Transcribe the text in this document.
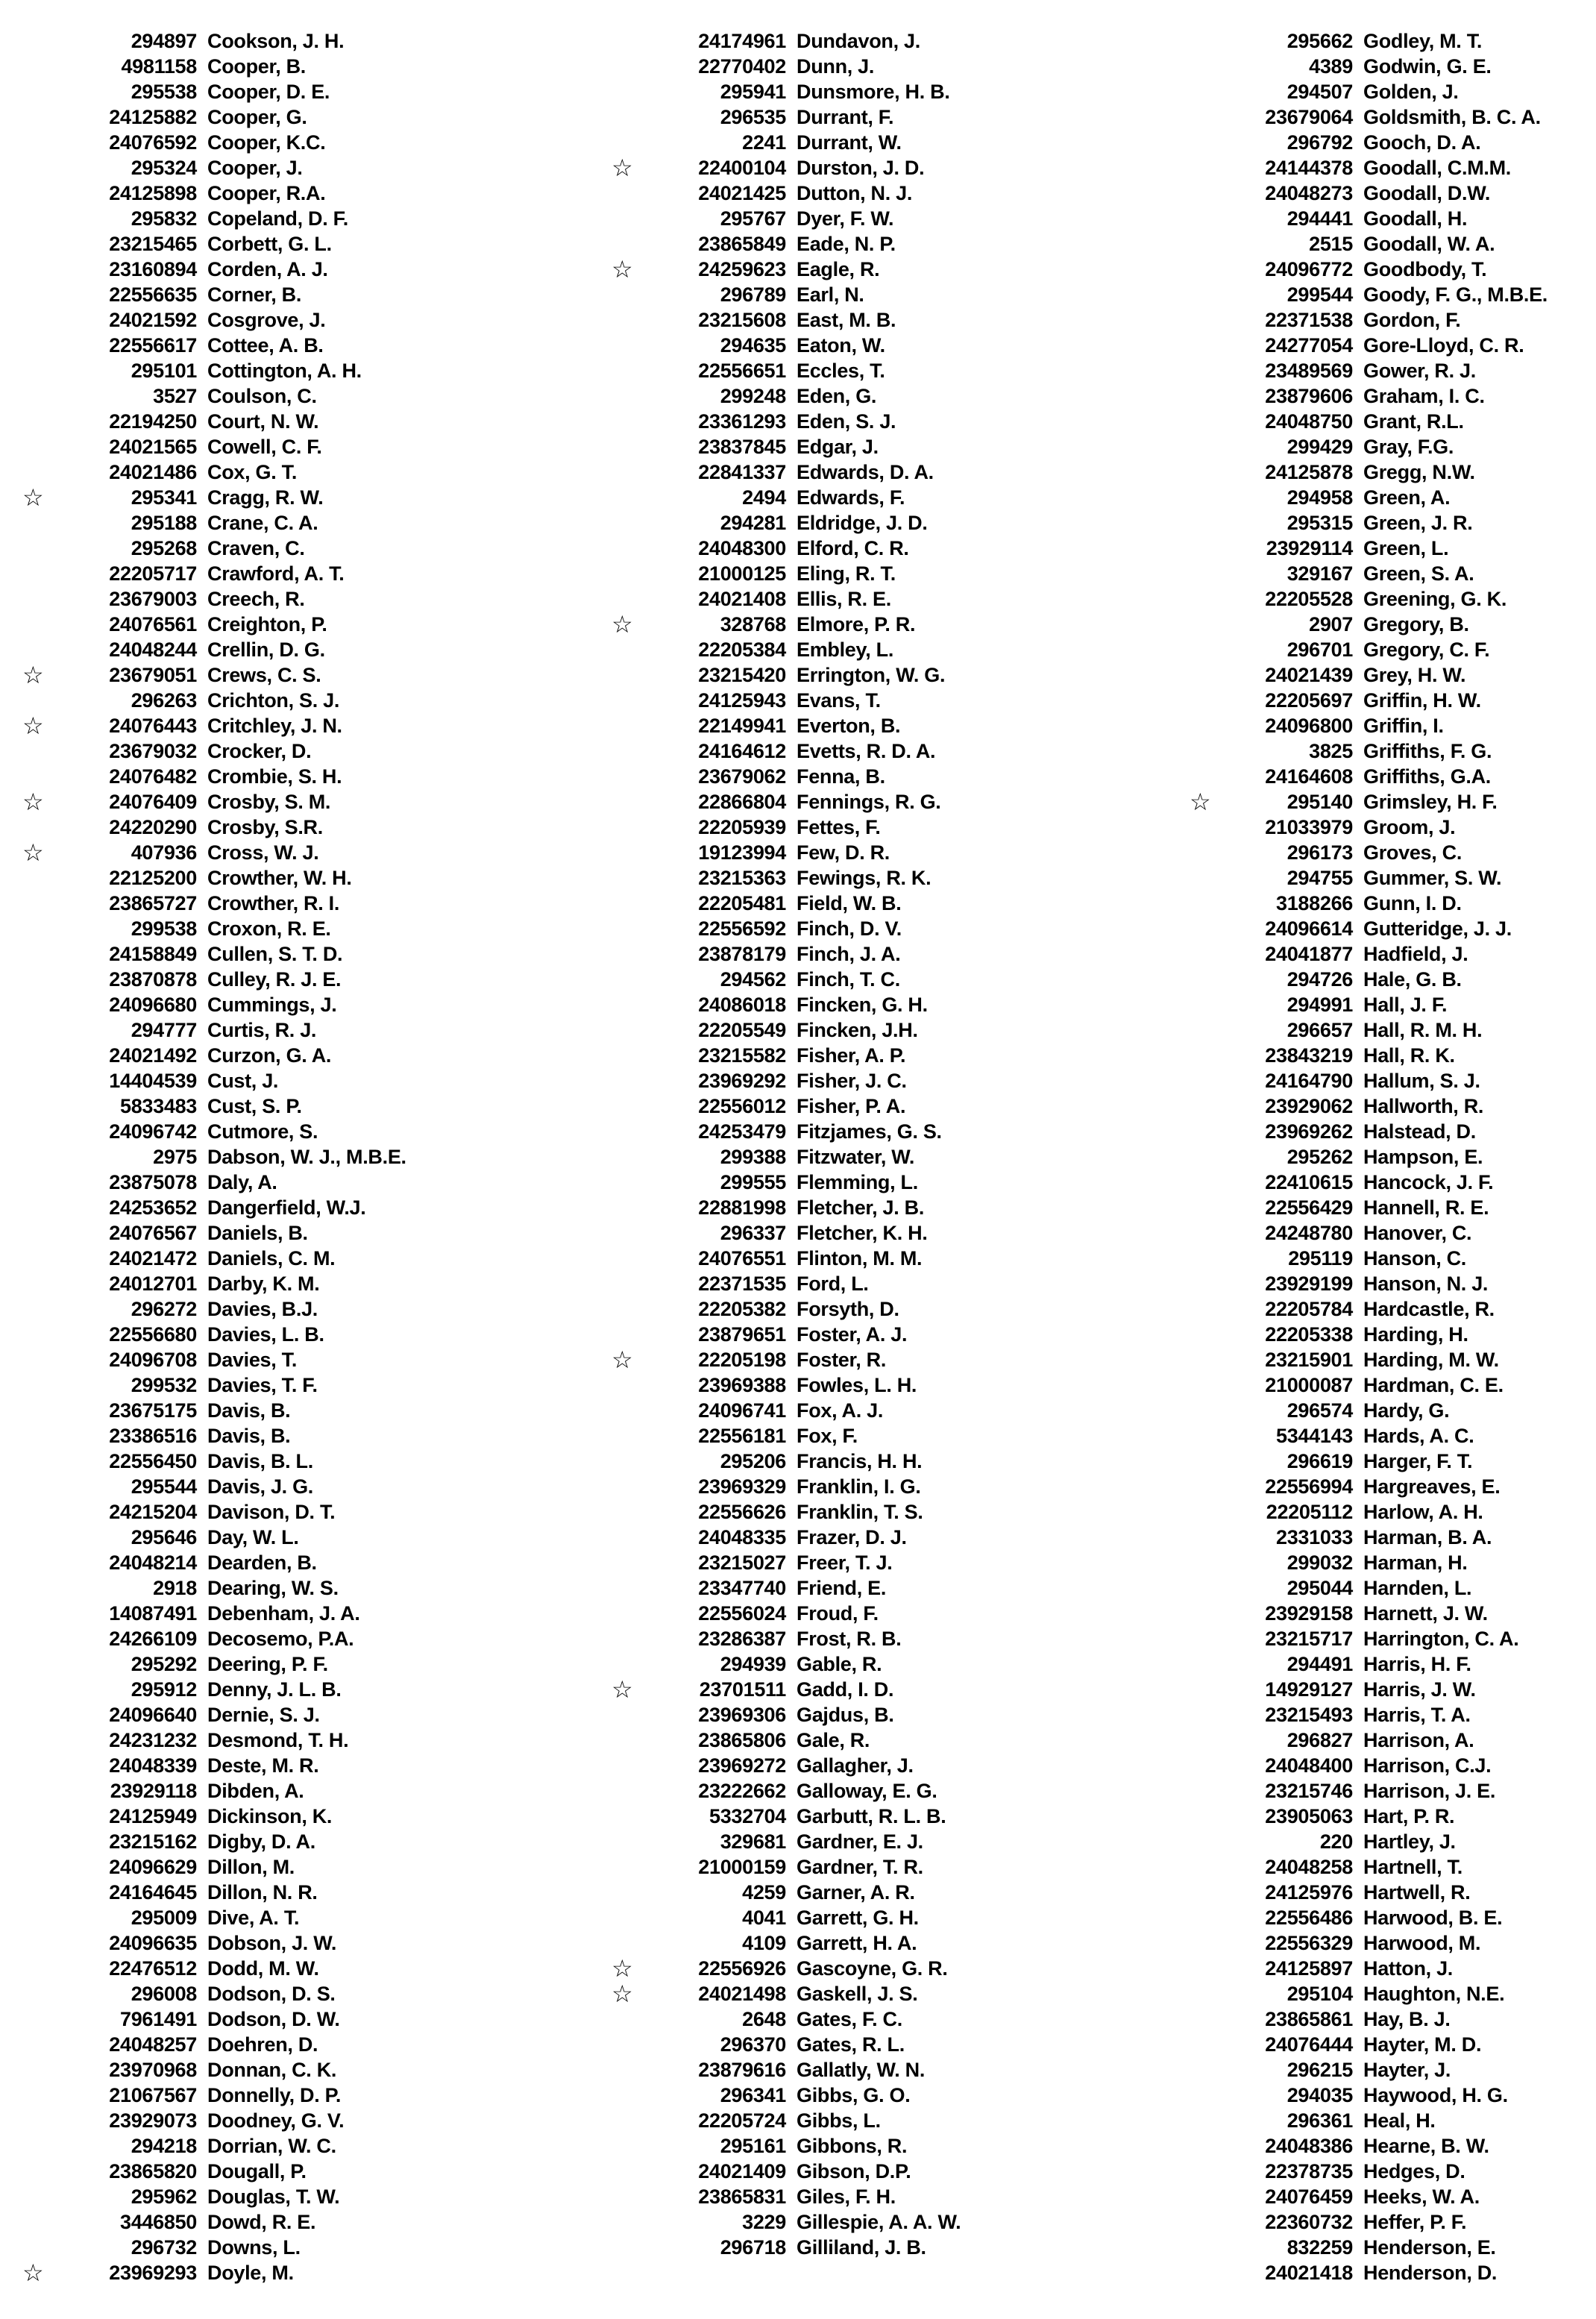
294897 Cookson, J. H.
4981158 Cooper, B.
295538 Cooper, D. E.
24125882 Cooper, G.
24076592 Cooper, K.C.
295324 Cooper, J.
24125898 Cooper, R.A.
295832 Copeland, D. F.
23215465 Corbett, G. L.
23160894 Corden, A. J.
22556635 Corner, B.
24021592 Cosgrove, J.
22556617 Cottee, A. B.
295101 Cottington, A. H.
3527 Coulson, C.
22194250 Court, N. W.
24021565 Cowell, C. F.
24021486 Cox, G. T.
☆	295341 Cragg, R. W.
295188 Crane, C. A.
295268 Craven, C.
22205717 Crawford, A. T.
23679003 Creech, R.
24076561 Creighton, P.
24048244 Crellin, D. G.
☆	23679051 Crews, C. S.
296263 Crichton, S. J.
☆	24076443 Critchley, J. N.
23679032 Crocker, D.
24076482 Crombie, S. H.
☆	24076409 Crosby, S. M.
24220290 Crosby, S.R.
☆	407936 Cross, W. J.
22125200 Crowther, W. H.
23865727 Crowther, R. I.
299538 Croxon, R. E.
24158849 Cullen, S. T. D.
23870878 Culley, R. J. E.
24096680 Cummings, J.
294777 Curtis, R. J.
24021492 Curzon, G. A.
14404539 Cust, J.
5833483 Cust, S. P.
24096742 Cutmore, S.
2975 Dabson, W. J., M.B.E.
23875078 Daly, A.
24253652 Dangerfield, W.J.
24076567 Daniels, B.
24021472 Daniels, C. M.
24012701 Darby, K. M.
296272 Davies, B.J.
22556680 Davies, L. B.
24096708 Davies, T.
299532 Davies, T. F.
23675175 Davis, B.
23386516 Davis, B.
22556450 Davis, B. L.
295544 Davis, J. G.
24215204 Davison, D. T.
295646 Day, W. L.
24048214 Dearden, B.
2918 Dearing, W. S.
14087491 Debenham, J. A.
24266109 Decosemo, P.A.
295292 Deering, P. F.
295912 Denny, J. L. B.
24096640 Dernie, S. J.
24231232 Desmond, T. H.
24048339 Deste, M. R.
23929118 Dibden, A.
24125949 Dickinson, K.
23215162 Digby, D. A.
24096629 Dillon, M.
24164645 Dillon, N. R.
295009 Dive, A. T.
24096635 Dobson, J. W.
22476512 Dodd, M. W.
296008 Dodson, D. S.
7961491 Dodson, D. W.
24048257 Doehren, D.
23970968 Donnan, C. K.
21067567 Donnelly, D. P.
23929073 Doodney, G. V.
294218 Dorrian, W. C.
23865820 Dougall, P.
295962 Douglas, T. W.
3446850 Dowd, R. E.
296732 Downs, L.
☆	23969293 Doyle, M.
24174961 Dundavon, J.
22770402 Dunn, J.
295941 Dunsmore, H. B.
296535 Durrant, F.
2241 Durrant, W.
☆	22400104 Durston, J. D.
24021425 Dutton, N. J.
295767 Dyer, F. W.
23865849 Eade, N. P.
☆	24259623 Eagle, R.
296789 Earl, N.
23215608 East, M. B.
294635 Eaton, W.
22556651 Eccles, T.
299248 Eden, G.
23361293 Eden, S. J.
23837845 Edgar, J.
22841337 Edwards, D. A.
2494 Edwards, F.
294281 Eldridge, J. D.
24048300 Elford, C. R.
21000125 Eling, R. T.
24021408 Ellis, R. E.
☆	328768 Elmore, P. R.
22205384 Embley, L.
23215420 Errington, W. G.
24125943 Evans, T.
22149941 Everton, B.
24164612 Evetts, R. D. A.
23679062 Fenna, B.
22866804 Fennings, R. G.
22205939 Fettes, F.
19123994 Few, D. R.
23215363 Fewings, R. K.
22205481 Field, W. B.
22556592 Finch, D. V.
23878179 Finch, J. A.
294562 Finch, T. C.
24086018 Fincken, G. H.
22205549 Fincken, J.H.
23215582 Fisher, A. P.
23969292 Fisher, J. C.
22556012 Fisher, P. A.
24253479 Fitzjames, G. S.
299388 Fitzwater, W.
299555 Flemming, L.
22881998 Fletcher, J. B.
296337 Fletcher, K. H.
24076551 Flinton, M. M.
22371535 Ford, L.
22205382 Forsyth, D.
23879651 Foster, A. J.
☆	22205198 Foster, R.
23969388 Fowles, L. H.
24096741 Fox, A. J.
22556181 Fox, F.
295206 Francis, H. H.
23969329 Franklin, I. G.
22556626 Franklin, T. S.
24048335 Frazer, D. J.
23215027 Freer, T. J.
23347740 Friend, E.
22556024 Froud, F.
23286387 Frost, R. B.
294939 Gable, R.
☆	23701511 Gadd, I. D.
23969306 Gajdus, B.
23865806 Gale, R.
23969272 Gallagher, J.
23222662 Galloway, E. G.
5332704 Garbutt, R. L. B.
329681 Gardner, E. J.
21000159 Gardner, T. R.
4259 Garner, A. R.
4041 Garrett, G. H.
4109 Garrett, H. A.
☆	22556926 Gascoyne, G. R.
☆	24021498 Gaskell, J. S.
2648 Gates, F. C.
296370 Gates, R. L.
23879616 Gallatly, W. N.
296341 Gibbs, G. O.
22205724 Gibbs, L.
295161 Gibbons, R.
24021409 Gibson, D.P.
23865831 Giles, F. H.
3229 Gillespie, A. A. W.
296718 Gilliland, J. B.
295662 Godley, M. T.
4389 Godwin, G. E.
294507 Golden, J.
23679064 Goldsmith, B. C. A.
296792 Gooch, D. A.
24144378 Goodall, C.M.M.
24048273 Goodall, D.W.
294441 Goodall, H.
2515 Goodall, W. A.
24096772 Goodbody, T.
299544 Goody, F. G., M.B.E.
22371538 Gordon, F.
24277054 Gore-Lloyd, C. R.
23489569 Gower, R. J.
23879606 Graham, I. C.
24048750 Grant, R.L.
299429 Gray, F.G.
24125878 Gregg, N.W.
294958 Green, A.
295315 Green, J. R.
23929114 Green, L.
329167 Green, S. A.
22205528 Greening, G. K.
2907 Gregory, B.
296701 Gregory, C. F.
24021439 Grey, H. W.
22205697 Griffin, H. W.
24096800 Griffin, I.
3825 Griffiths, F. G.
24164608 Griffiths, G.A.
☆	295140 Grimsley, H. F.
21033979 Groom, J.
296173 Groves, C.
294755 Gummer, S. W.
3188266 Gunn, I. D.
24096614 Gutteridge, J. J.
24041877 Hadfield, J.
294726 Hale, G. B.
294991 Hall, J. F.
296657 Hall, R. M. H.
23843219 Hall, R. K.
24164790 Hallum, S. J.
23929062 Hallworth, R.
23969262 Halstead, D.
295262 Hampson, E.
22410615 Hancock, J. F.
22556429 Hannell, R. E.
24248780 Hanover, C.
295119 Hanson, C.
23929199 Hanson, N. J.
22205784 Hardcastle, R.
22205338 Harding, H.
23215901 Harding, M. W.
21000087 Hardman, C. E.
296574 Hardy, G.
5344143 Hards, A. C.
296619 Harger, F. T.
22556994 Hargreaves, E.
22205112 Harlow, A. H.
2331033 Harman, B. A.
299032 Harman, H.
295044 Harnden, L.
23929158 Harnett, J. W.
23215717 Harrington, C. A.
294491 Harris, H. F.
14929127 Harris, J. W.
23215493 Harris, T. A.
296827 Harrison, A.
24048400 Harrison, C.J.
23215746 Harrison, J. E.
23905063 Hart, P. R.
220 Hartley, J.
24048258 Hartnell, T.
24125976 Hartwell, R.
22556486 Harwood, B. E.
22556329 Harwood, M.
24125897 Hatton, J.
295104 Haughton, N.E.
23865861 Hay, B. J.
24076444 Hayter, M. D.
296215 Hayter, J.
294035 Haywood, H. G.
296361 Heal, H.
24048386 Hearne, B. W.
22378735 Hedges, D.
24076459 Heeks, W. A.
22360732 Heffer, P. F.
832259 Henderson, E.
24021418 Henderson, D.
